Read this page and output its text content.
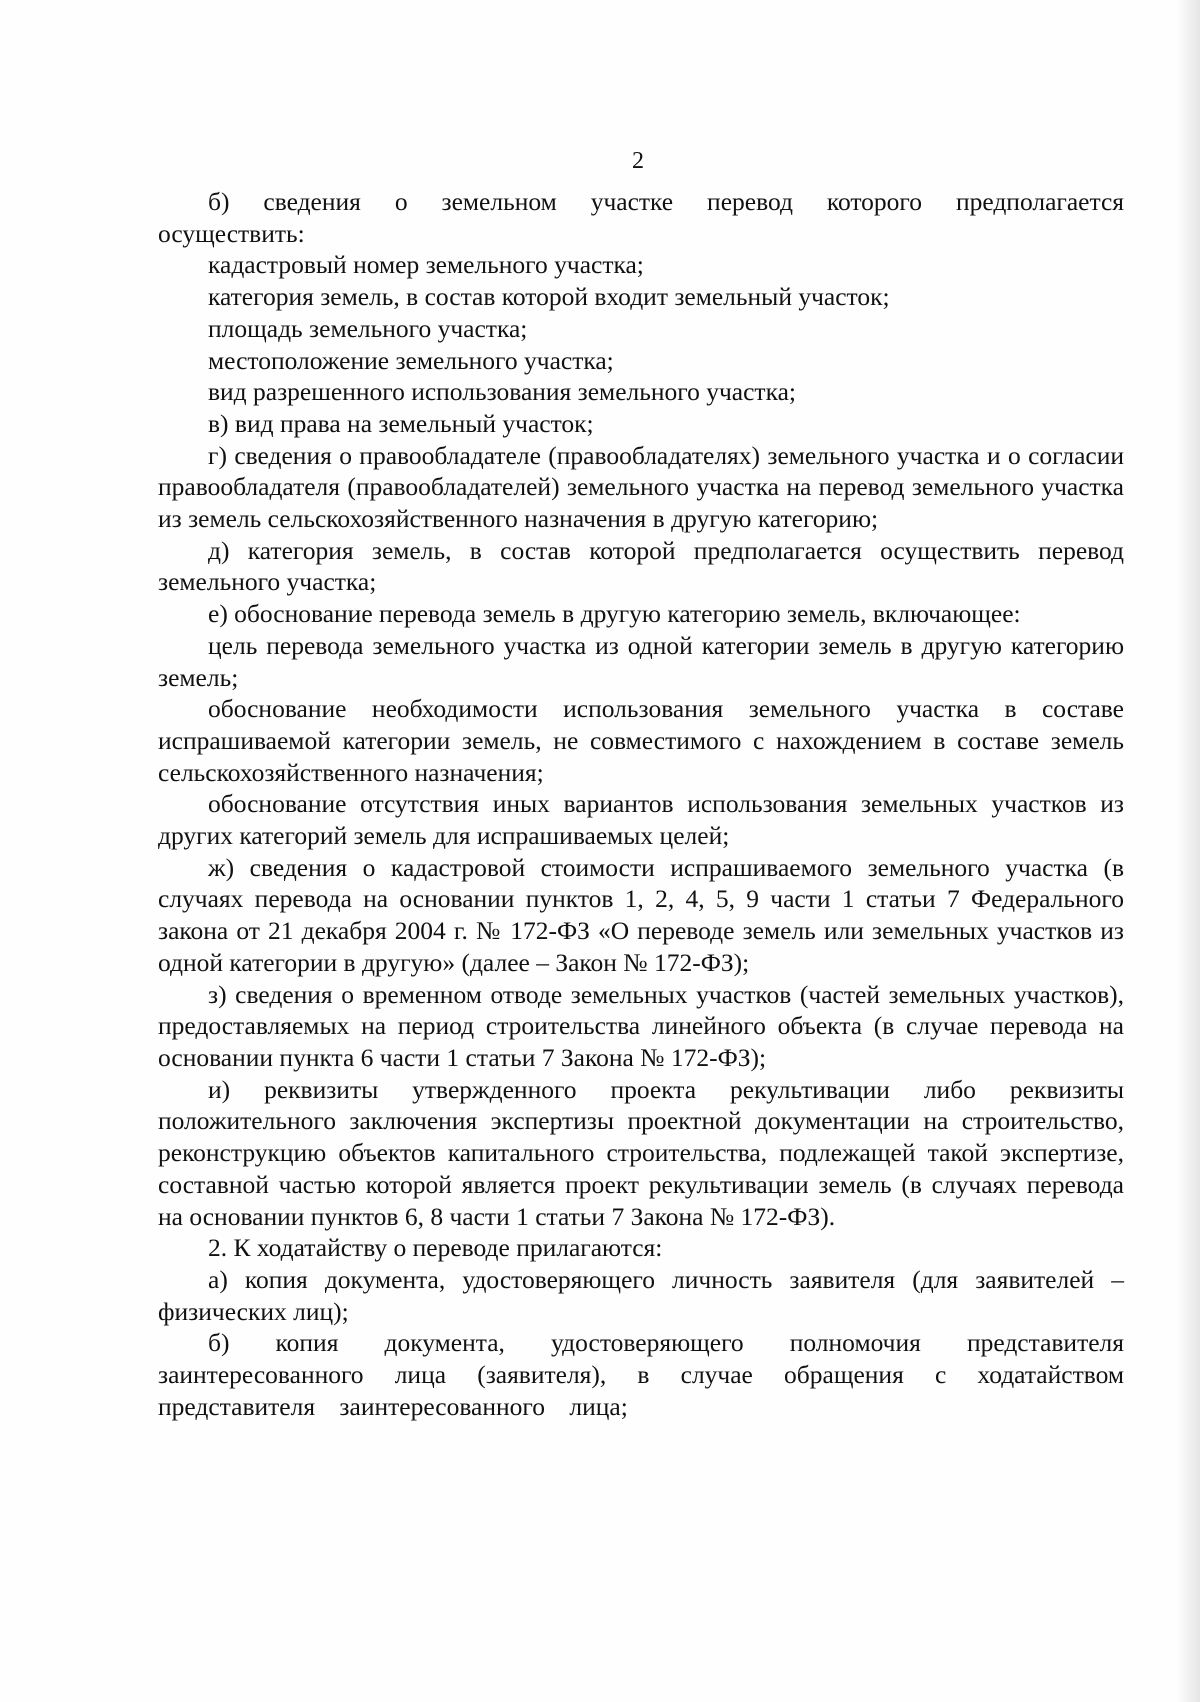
2

б) сведения о земельном участке перевод которого предполагается осуществить:

кадастровый номер земельного участка;

категория земель, в состав которой входит земельный участок;

площадь земельного участка;

местоположение земельного участка;

вид разрешенного использования земельного участка;

в) вид права на земельный участок;

г) сведения о правообладателе (правообладателях) земельного участка и о согласии правообладателя (правообладателей) земельного участка на перевод земельного участка из земель сельскохозяйственного назначения в другую категорию;

д) категория земель, в состав которой предполагается осуществить перевод земельного участка;

е) обоснование перевода земель в другую категорию земель, включающее:

цель перевода земельного участка из одной категории земель в другую категорию земель;

обоснование необходимости использования земельного участка в составе испрашиваемой категории земель, не совместимого с нахождением в составе земель сельскохозяйственного назначения;

обоснование отсутствия иных вариантов использования земельных участков из других категорий земель для испрашиваемых целей;

ж) сведения о кадастровой стоимости испрашиваемого земельного участка (в случаях перевода на основании пунктов 1, 2, 4, 5, 9 части 1 статьи 7 Федерального закона от 21 декабря 2004 г. № 172-ФЗ «О переводе земель или земельных участков из одной категории в другую» (далее – Закон № 172-ФЗ);

з) сведения о временном отводе земельных участков (частей земельных участков), предоставляемых на период строительства линейного объекта (в случае перевода на основании пункта 6 части 1 статьи 7 Закона № 172-ФЗ);

и) реквизиты утвержденного проекта рекультивации либо реквизиты положительного заключения экспертизы проектной документации на строительство, реконструкцию объектов капитального строительства, подлежащей такой экспертизе, составной частью которой является проект рекультивации земель (в случаях перевода на основании пунктов 6, 8 части 1 статьи 7 Закона № 172-ФЗ).

2. К ходатайству о переводе прилагаются:

а) копия документа, удостоверяющего личность заявителя (для заявителей – физических лиц);

б) копия документа, удостоверяющего полномочия представителя заинтересованного лица (заявителя), в случае обращения с ходатайством представителя заинтересованного лица;
